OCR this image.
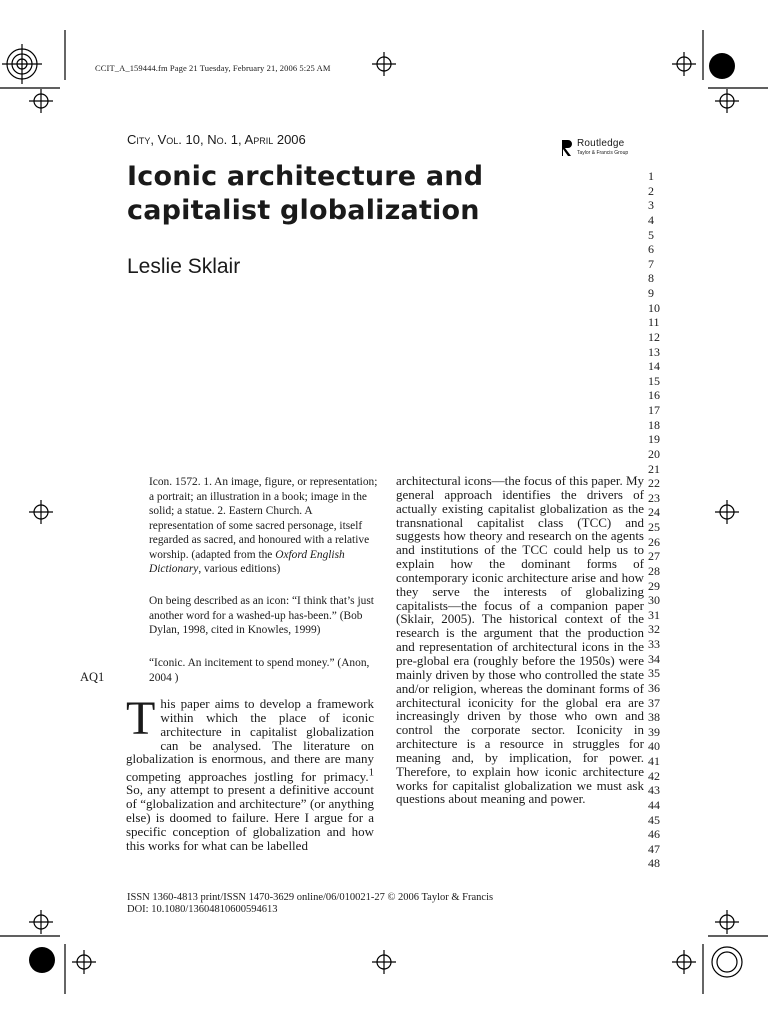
CCIT_A_159444.fm Page 21 Tuesday, February 21, 2006 5:25 AM
City, Vol. 10, No. 1, April 2006	Routledge
Taylor & Francis Group
Iconic architecture and capitalist globalization
Leslie Sklair
1
2
3
4
5
6
7
8
9
10
11
12
13
14
15
16
17
18
19
20
21
22
23
24
25
26
27
28
29
30
31
32
33
34
35
36
37
38
39
40
41
42
43
44
45
46
47
48

Icon. 1572. 1. An image, figure, or representation; a portrait; an illustration in a book; image in the solid; a statue. 2. Eastern Church. A representation of some sacred personage, itself regarded as sacred, and honoured with a relative worship. (adapted from the Oxford English Dictionary, various editions)

On being described as an icon: “I think that’s just another word for a washed-up has-been.” (Bob Dylan, 1998, cited in Knowles, 1999)

“Iconic. An incitement to spend money.” (Anon, 2004 )

AQ1
T his paper aims to develop a framework within which the place of iconic architecture in capitalist globalization can be analysed. The literature on globalization is enormous, and there are many competing approaches jostling for primacy.$^1$ So, any attempt to present a definitive account of “globalization and architecture” (or anything else) is doomed to failure. Here I argue for a specific conception of globalization and how this works for what can be labelled
architectural icons—the focus of this paper. My general approach identifies the drivers of actually existing capitalist globalization as the transnational capitalist class (TCC) and suggests how theory and research on the agents and institutions of the TCC could help us to explain how the dominant forms of contemporary iconic architecture arise and how they serve the interests of globalizing capitalists—the focus of a companion paper (Sklair, 2005). The historical context of the research is the argument that the production and representation of architectural icons in the pre-global era (roughly before the 1950s) were mainly driven by those who controlled the state and/or religion, whereas the dominant forms of architectural iconicity for the global era are increasingly driven by those who own and control the corporate sector. Iconicity in architecture is a resource in struggles for meaning and, by implication, for power. Therefore, to explain how iconic architecture works for capitalist globalization we must ask questions about meaning and power.
ISSN 1360-4813 print/ISSN 1470-3629 online/06/010021-27 © 2006 Taylor & Francis
DOI: 10.1080/13604810600594613
